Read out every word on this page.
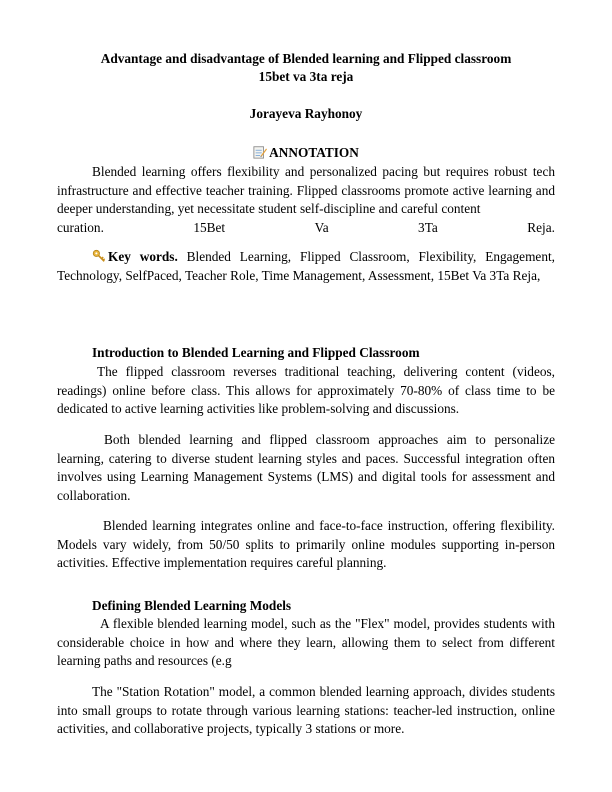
Advantage and disadvantage of Blended learning and Flipped classroom
15bet va 3ta reja
Jorayeva Rayhonoy
ANNOTATION
Blended learning offers flexibility and personalized pacing but requires robust tech infrastructure and effective teacher training. Flipped classrooms promote active learning and deeper understanding, yet necessitate student self-discipline and careful content
curation.	15Bet	Va	3Ta	Reja.
Key words. Blended Learning, Flipped Classroom, Flexibility, Engagement, Technology, SelfPaced, Teacher Role, Time Management, Assessment, 15Bet Va 3Ta Reja,
Introduction to Blended Learning and Flipped Classroom
The flipped classroom reverses traditional teaching, delivering content (videos, readings) online before class. This allows for approximately 70-80% of class time to be dedicated to active learning activities like problem-solving and discussions.
Both blended learning and flipped classroom approaches aim to personalize learning, catering to diverse student learning styles and paces. Successful integration often involves using Learning Management Systems (LMS) and digital tools for assessment and collaboration.
Blended learning integrates online and face-to-face instruction, offering flexibility. Models vary widely, from 50/50 splits to primarily online modules supporting in-person activities. Effective implementation requires careful planning.
Defining Blended Learning Models
A flexible blended learning model, such as the "Flex" model, provides students with considerable choice in how and where they learn, allowing them to select from different learning paths and resources (e.g
The "Station Rotation" model, a common blended learning approach, divides students into small groups to rotate through various learning stations: teacher-led instruction, online activities, and collaborative projects, typically 3 stations or more.
